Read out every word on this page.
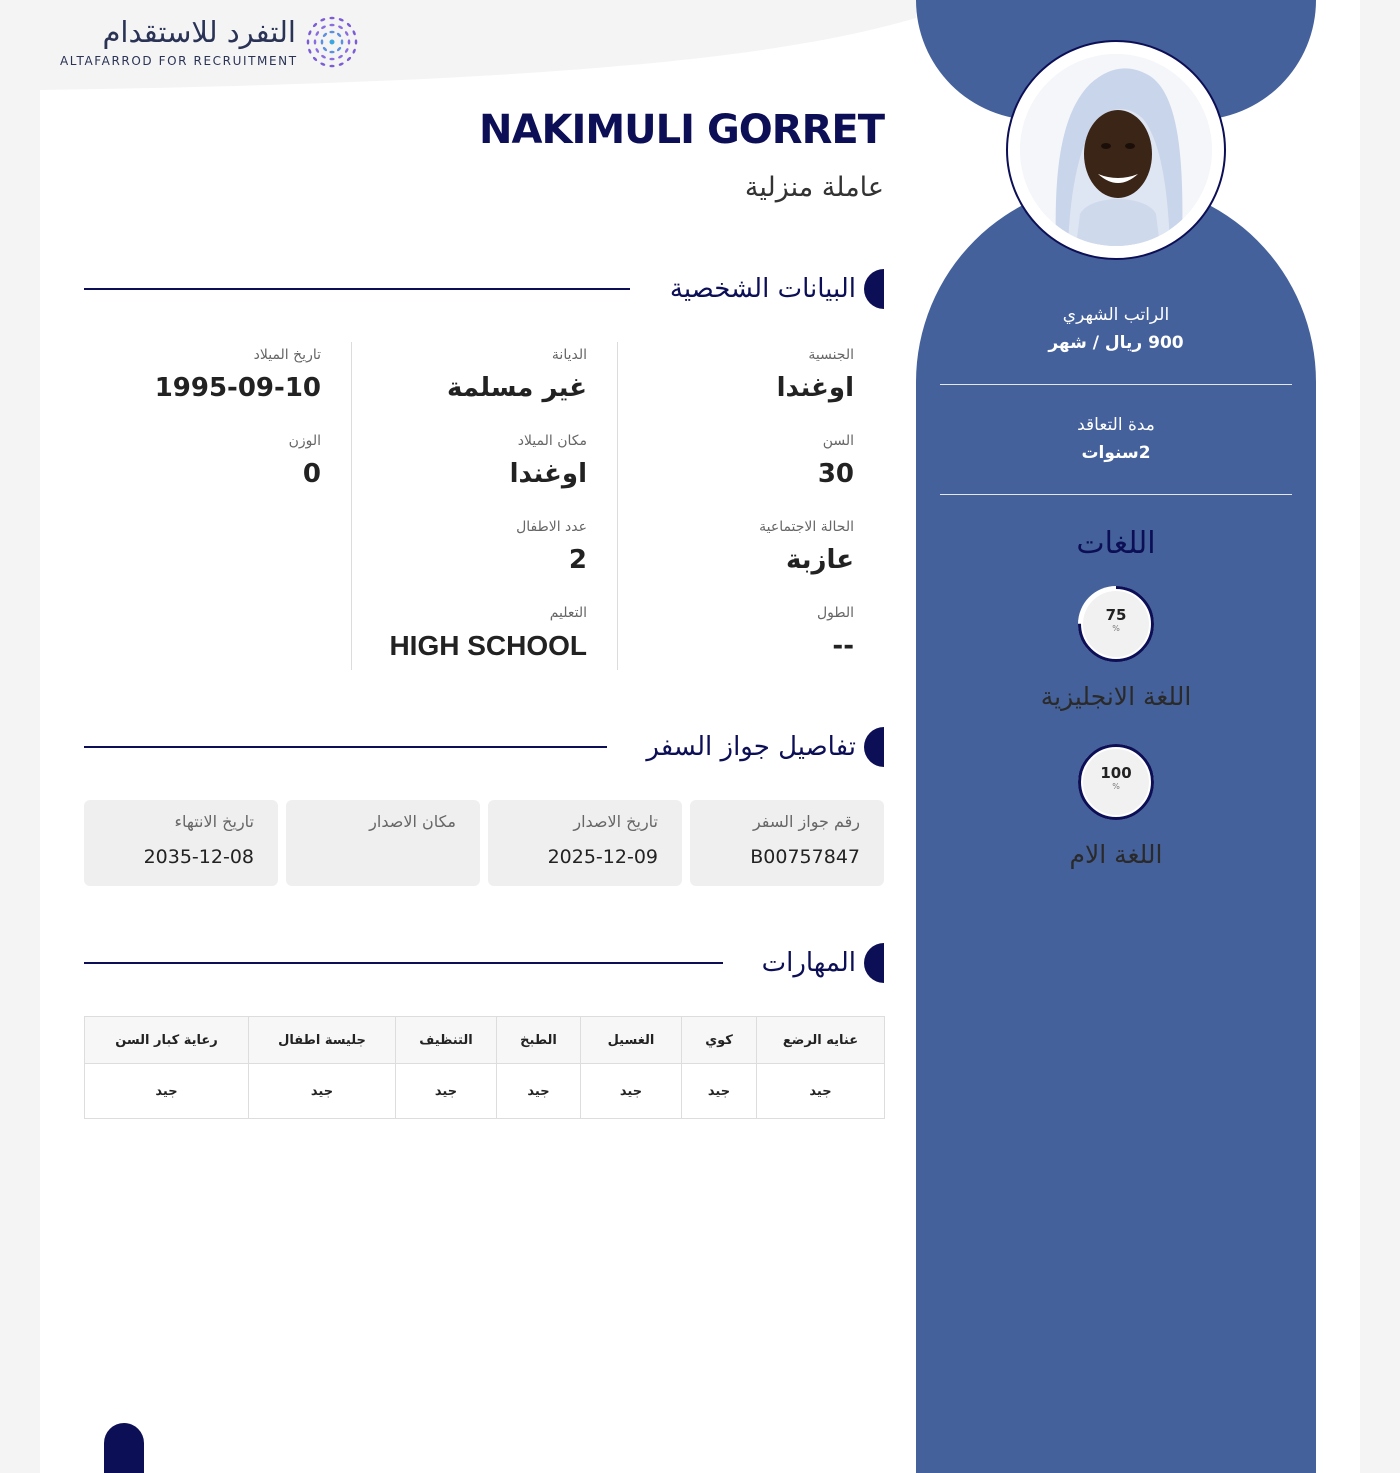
التفرد للاستقدام
ALTAFARROD FOR RECRUITMENT
NAKIMULI GORRET
عاملة منزلية
البيانات الشخصية
الجنسية
اوغندا
السن
30
الحالة الاجتماعية
عازبة
الطول
--
الديانة
غير مسلمة
مكان الميلاد
اوغندا
عدد الاطفال
2
التعليم
HIGH SCHOOL
تاريخ الميلاد
1995-09-10
الوزن
0
تفاصيل جواز السفر
رقم جواز السفر
B00757847
تاريخ الاصدار
2025-12-09
مكان الاصدار
تاريخ الانتهاء
2035-12-08
المهارات
عنايه الرضع	كوي	الغسيل	الطبخ	التنظيف	جليسة اطفال	رعاية كبار السن
جيد	جيد	جيد	جيد	جيد	جيد	جيد
الراتب الشهري
900 ريال / شهر
مدة التعاقد
2سنوات
اللغات
75
%
اللغة الانجليزية
100
%
اللغة الام
